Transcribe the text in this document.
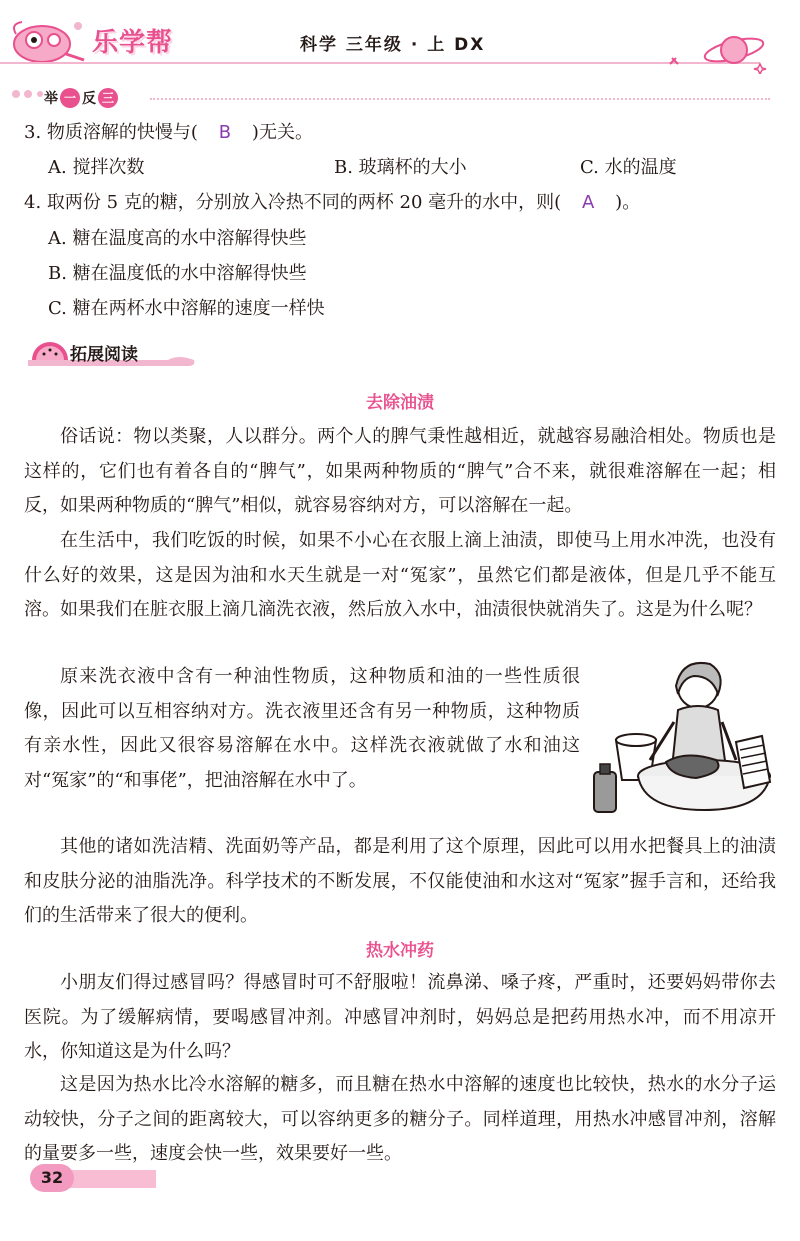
乐学帮	科学 三年级 · 上 DX
举 一 反 三
3. 物质溶解的快慢与( B )无关。
A. 搅拌次数	B. 玻璃杯的大小	C. 水的温度
4. 取两份 5 克的糖，分别放入冷热不同的两杯 20 毫升的水中，则( A )。
A. 糖在温度高的水中溶解得快些
B. 糖在温度低的水中溶解得快些
C. 糖在两杯水中溶解的速度一样快
拓展阅读
去除油渍

俗话说：物以类聚，人以群分。两个人的脾气秉性越相近，就越容易融洽相处。物质也是这样的，它们也有着各自的“脾气”，如果两种物质的“脾气”合不来，就很难溶解在一起；相反，如果两种物质的“脾气”相似，就容易容纳对方，可以溶解在一起。

在生活中，我们吃饭的时候，如果不小心在衣服上滴上油渍，即使马上用水冲洗，也没有什么好的效果，这是因为油和水天生就是一对“冤家”，虽然它们都是液体，但是几乎不能互溶。如果我们在脏衣服上滴几滴洗衣液，然后放入水中，油渍很快就消失了。这是为什么呢？

原来洗衣液中含有一种油性物质，这种物质和油的一些性质很像，因此可以互相容纳对方。洗衣液里还含有另一种物质，这种物质有亲水性，因此又很容易溶解在水中。这样洗衣液就做了水和油这对“冤家”的“和事佬”，把油溶解在水中了。

其他的诸如洗洁精、洗面奶等产品，都是利用了这个原理，因此可以用水把餐具上的油渍和皮肤分泌的油脂洗净。科学技术的不断发展，不仅能使油和水这对“冤家”握手言和，还给我们的生活带来了很大的便利。

热水冲药

小朋友们得过感冒吗？得感冒时可不舒服啦！流鼻涕、嗓子疼，严重时，还要妈妈带你去医院。为了缓解病情，要喝感冒冲剂。冲感冒冲剂时，妈妈总是把药用热水冲，而不用凉开水，你知道这是为什么吗？

这是因为热水比冷水溶解的糖多，而且糖在热水中溶解的速度也比较快，热水的水分子运动较快，分子之间的距离较大，可以容纳更多的糖分子。同样道理，用热水冲感冒冲剂，溶解的量要多一些，速度会快一些，效果要好一些。

32
